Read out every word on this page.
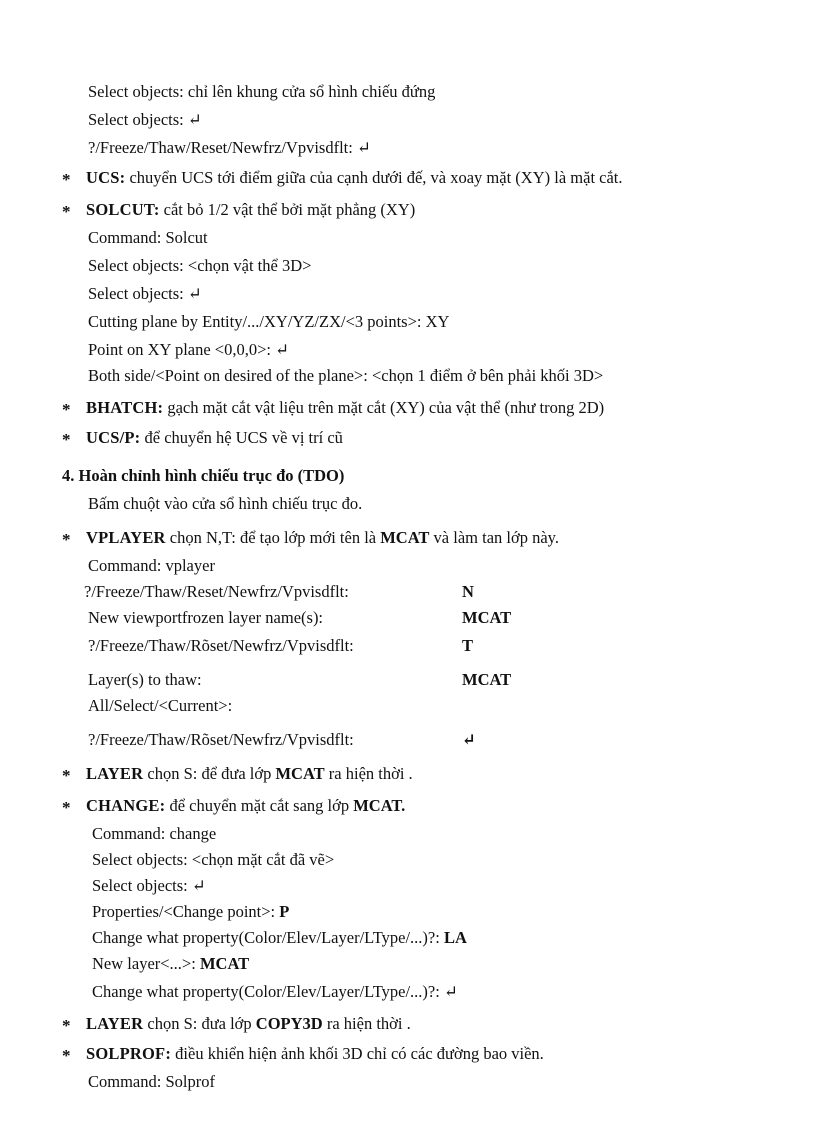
Select objects: chỉ lên khung cửa sổ hình chiếu đứng
Select objects: ↵
?/Freeze/Thaw/Reset/Newfrz/Vpvisdflt: ↵
* UCS: chuyển UCS tới điểm giữa của cạnh dưới đế, và xoay mặt (XY) là mặt cắt.
* SOLCUT: cắt bỏ 1/2 vật thể bởi mặt phẳng (XY)
Command: Solcut
Select objects: <chọn vật thể 3D>
Select objects: ↵
Cutting plane by Entity/.../XY/YZ/ZX/<3 points>: XY
Point on XY plane <0,0,0>: ↵
Both side/<Point on desired of the plane>: <chọn 1 điểm ở bên phải khối 3D>
* BHATCH: gạch mặt cắt vật liệu trên mặt cắt (XY) của vật thể (như trong 2D)
* UCS/P: để chuyển hệ UCS về vị trí cũ
4. Hoàn chỉnh hình chiếu trục đo (TDO)
Bấm chuột vào cửa sổ hình chiếu trục đo.
* VPLAYER chọn N,T: để tạo lớp mới tên là MCAT và làm tan lớp này.
Command: vplayer
?/Freeze/Thaw/Reset/Newfrz/Vpvisdflt:	N
New viewportfrozen layer name(s):	MCAT
?/Freeze/Thaw/Rõset/Newfrz/Vpvisdflt:	T
Layer(s) to thaw:	MCAT
All/Select/<Current>:
?/Freeze/Thaw/Rõset/Newfrz/Vpvisdflt:	↵
* LAYER chọn S: để đưa lớp MCAT ra hiện thời .
* CHANGE: để chuyển mặt cắt sang lớp MCAT.
Command: change
Select objects: <chọn mặt cắt đã vẽ>
Select objects: ↵
Properties/<Change point>: P
Change what property(Color/Elev/Layer/LType/...)?: LA
New layer<...>: MCAT
Change what property(Color/Elev/Layer/LType/...)?: ↵
* LAYER chọn S: đưa lớp COPY3D ra hiện thời .
* SOLPROF: điều khiển hiện ảnh khối 3D chỉ có các đường bao viền.
Command: Solprof
